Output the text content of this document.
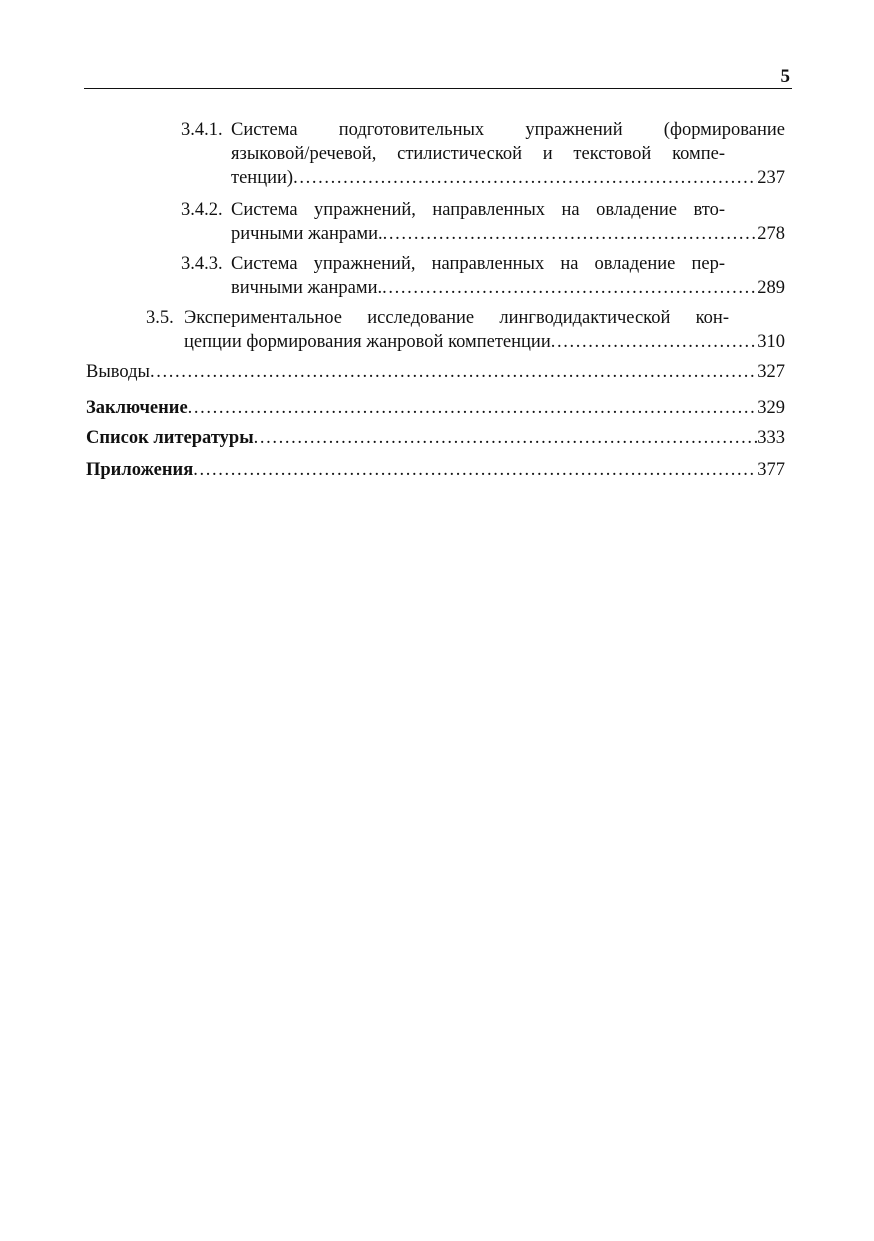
5
3.4.1. Система подготовительных упражнений (формирование
языковой/речевой, стилистической и текстовой компе-
тенции) . . .	237
3.4.2. Система упражнений, направленных на овладение вто-
ричными жанрами. . . .	278
3.4.3. Система упражнений, направленных на овладение пер-
вичными жанрами. . . .	289
3.5. Экспериментальное исследование лингводидактической кон-
цепции формирования жанровой компетенции . . .	310
Выводы . . .	327
Заключение . . .	329
Список литературы . . .	333
Приложения . . .	377
